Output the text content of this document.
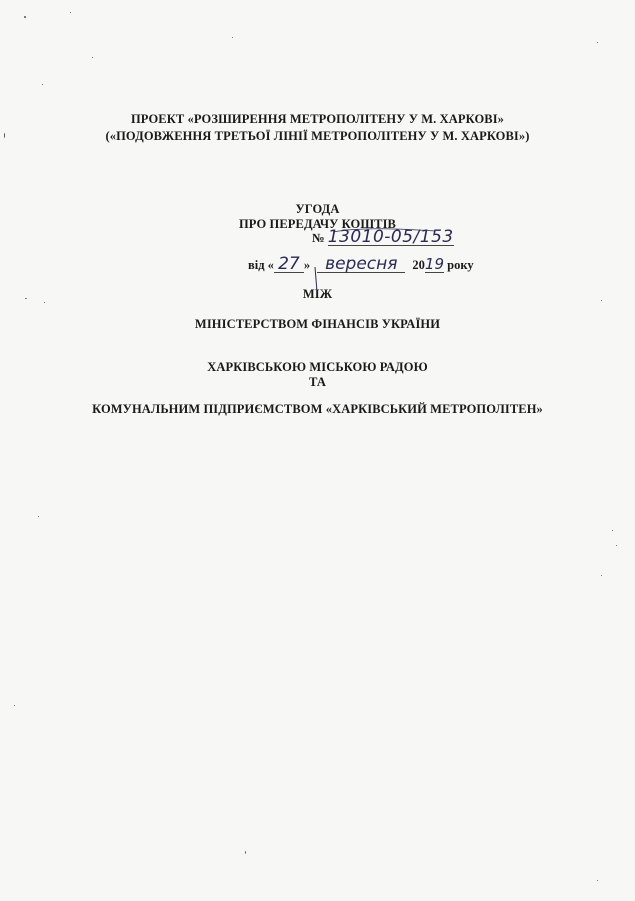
ПРОЕКТ «РОЗШИРЕННЯ МЕТРОПОЛІТЕНУ У М. ХАРКОВІ»
(«ПОДОВЖЕННЯ ТРЕТЬОЇ ЛІНІЇ МЕТРОПОЛІТЕНУ У М. ХАРКОВІ»)
УГОДА
ПРО ПЕРЕДАЧУ КОШТІВ
№ 13010-05/153
від « 27 » вересня 2019 року
МІЖ
МІНІСТЕРСТВОМ ФІНАНСІВ УКРАЇНИ
ХАРКІВСЬКОЮ МІСЬКОЮ РАДОЮ
ТА
КОМУНАЛЬНИМ ПІДПРИЄМСТВОМ «ХАРКІВСЬКИЙ МЕТРОПОЛІТЕН»
